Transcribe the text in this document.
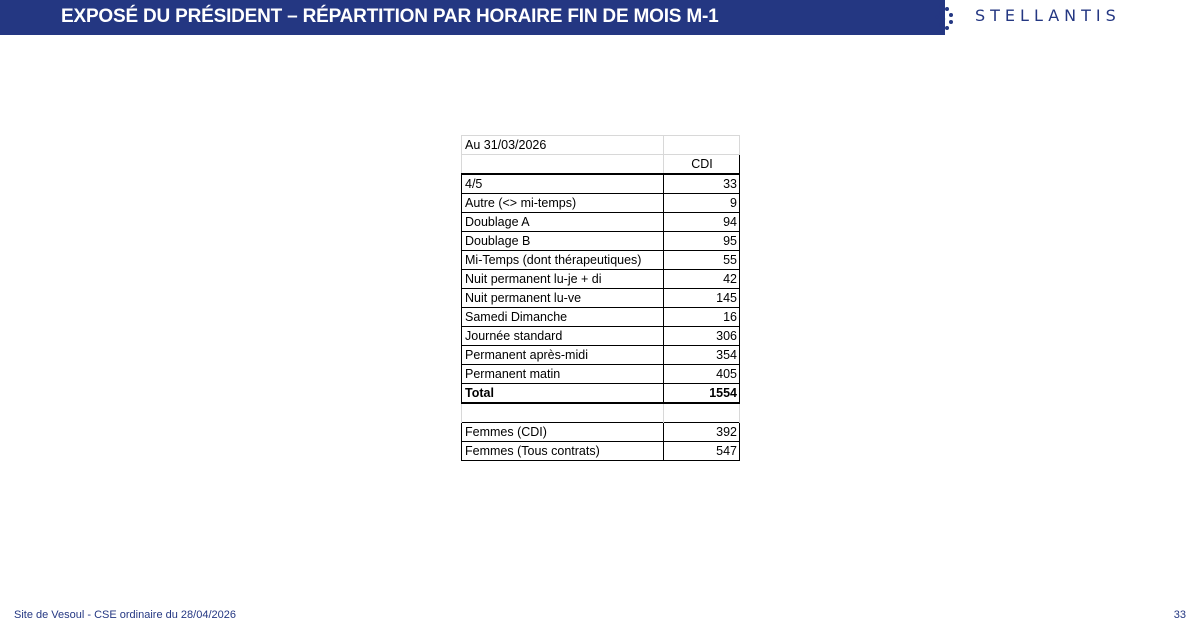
EXPOSÉ DU PRÉSIDENT – RÉPARTITION PAR HORAIRE FIN DE MOIS M-1	STELLANTIS
Au 31/03/2026	
	CDI
4/5	33
Autre (<> mi-temps)	9
Doublage A	94
Doublage B	95
Mi-Temps (dont thérapeutiques)	55
Nuit permanent lu-je + di	42
Nuit permanent lu-ve	145
Samedi Dimanche	16
Journée standard	306
Permanent après-midi	354
Permanent matin	405
Total	1554

Femmes (CDI)	392
Femmes (Tous contrats)	547
Site de Vesoul - CSE ordinaire du 28/04/2026	33
